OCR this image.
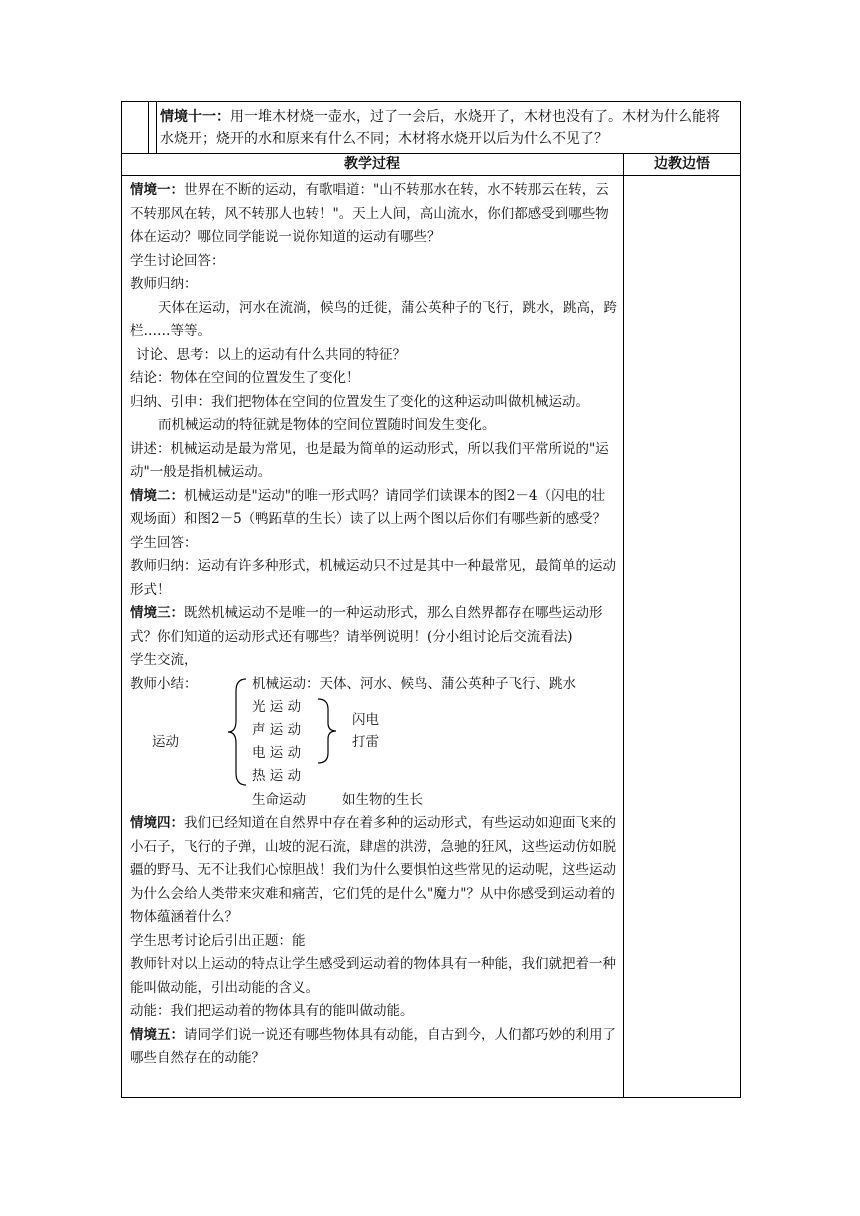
情境十一：用一堆木材烧一壶水，过了一会后，水烧开了，木材也没有了。木材为什么能将水烧开；烧开的水和原来有什么不同；木材将水烧开以后为什么不见了？
教学过程	边教边悟

情境一：世界在不断的运动，有歌唱道："山不转那水在转，水不转那云在转，云不转那风在转，风不转那人也转！"。天上人间，高山流水，你们都感受到哪些物体在运动？哪位同学能说一说你知道的运动有哪些？

学生讨论回答：

教师归纳：

天体在运动，河水在流淌，候鸟的迁徙，蒲公英种子的飞行，跳水，跳高，跨栏……等等。

讨论、思考：以上的运动有什么共同的特征？

结论：物体在空间的位置发生了变化！

归纳、引申：我们把物体在空间的位置发生了变化的这种运动叫做机械运动。

而机械运动的特征就是物体的空间位置随时间发生变化。

讲述：机械运动是最为常见，也是最为简单的运动形式，所以我们平常所说的"运动"一般是指机械运动。

情境二：机械运动是"运动"的唯一形式吗？请同学们读课本的图2－4（闪电的壮观场面）和图2－5（鸭跖草的生长）读了以上两个图以后你们有哪些新的感受？

学生回答：

教师归纳：运动有许多种形式，机械运动只不过是其中一种最常见，最简单的运动形式！

情境三：既然机械运动不是唯一的一种运动形式，那么自然界都存在哪些运动形式？你们知道的运动形式还有哪些？请举例说明！(分小组讨论后交流看法)

学生交流，

教师小结：
运动
机械运动：天体、河水、候鸟、蒲公英种子飞行、跳水
光 运 动
声 运 动
电 运 动
热 运 动
闪电
打雷
生命运动	如生物的生长

情境四：我们已经知道在自然界中存在着多种的运动形式，有些运动如迎面飞来的小石子，飞行的子弹，山坡的泥石流，肆虐的洪涝，急驰的狂风，这些运动仿如脱疆的野马、无不让我们心惊胆战！我们为什么要惧怕这些常见的运动呢，这些运动为什么会给人类带来灾难和痛苦，它们凭的是什么"魔力"？从中你感受到运动着的物体蕴涵着什么？

学生思考讨论后引出正题：能

教师针对以上运动的特点让学生感受到运动着的物体具有一种能，我们就把着一种能叫做动能，引出动能的含义。

动能：我们把运动着的物体具有的能叫做动能。

情境五：请同学们说一说还有哪些物体具有动能，自古到今，人们都巧妙的利用了哪些自然存在的动能？
